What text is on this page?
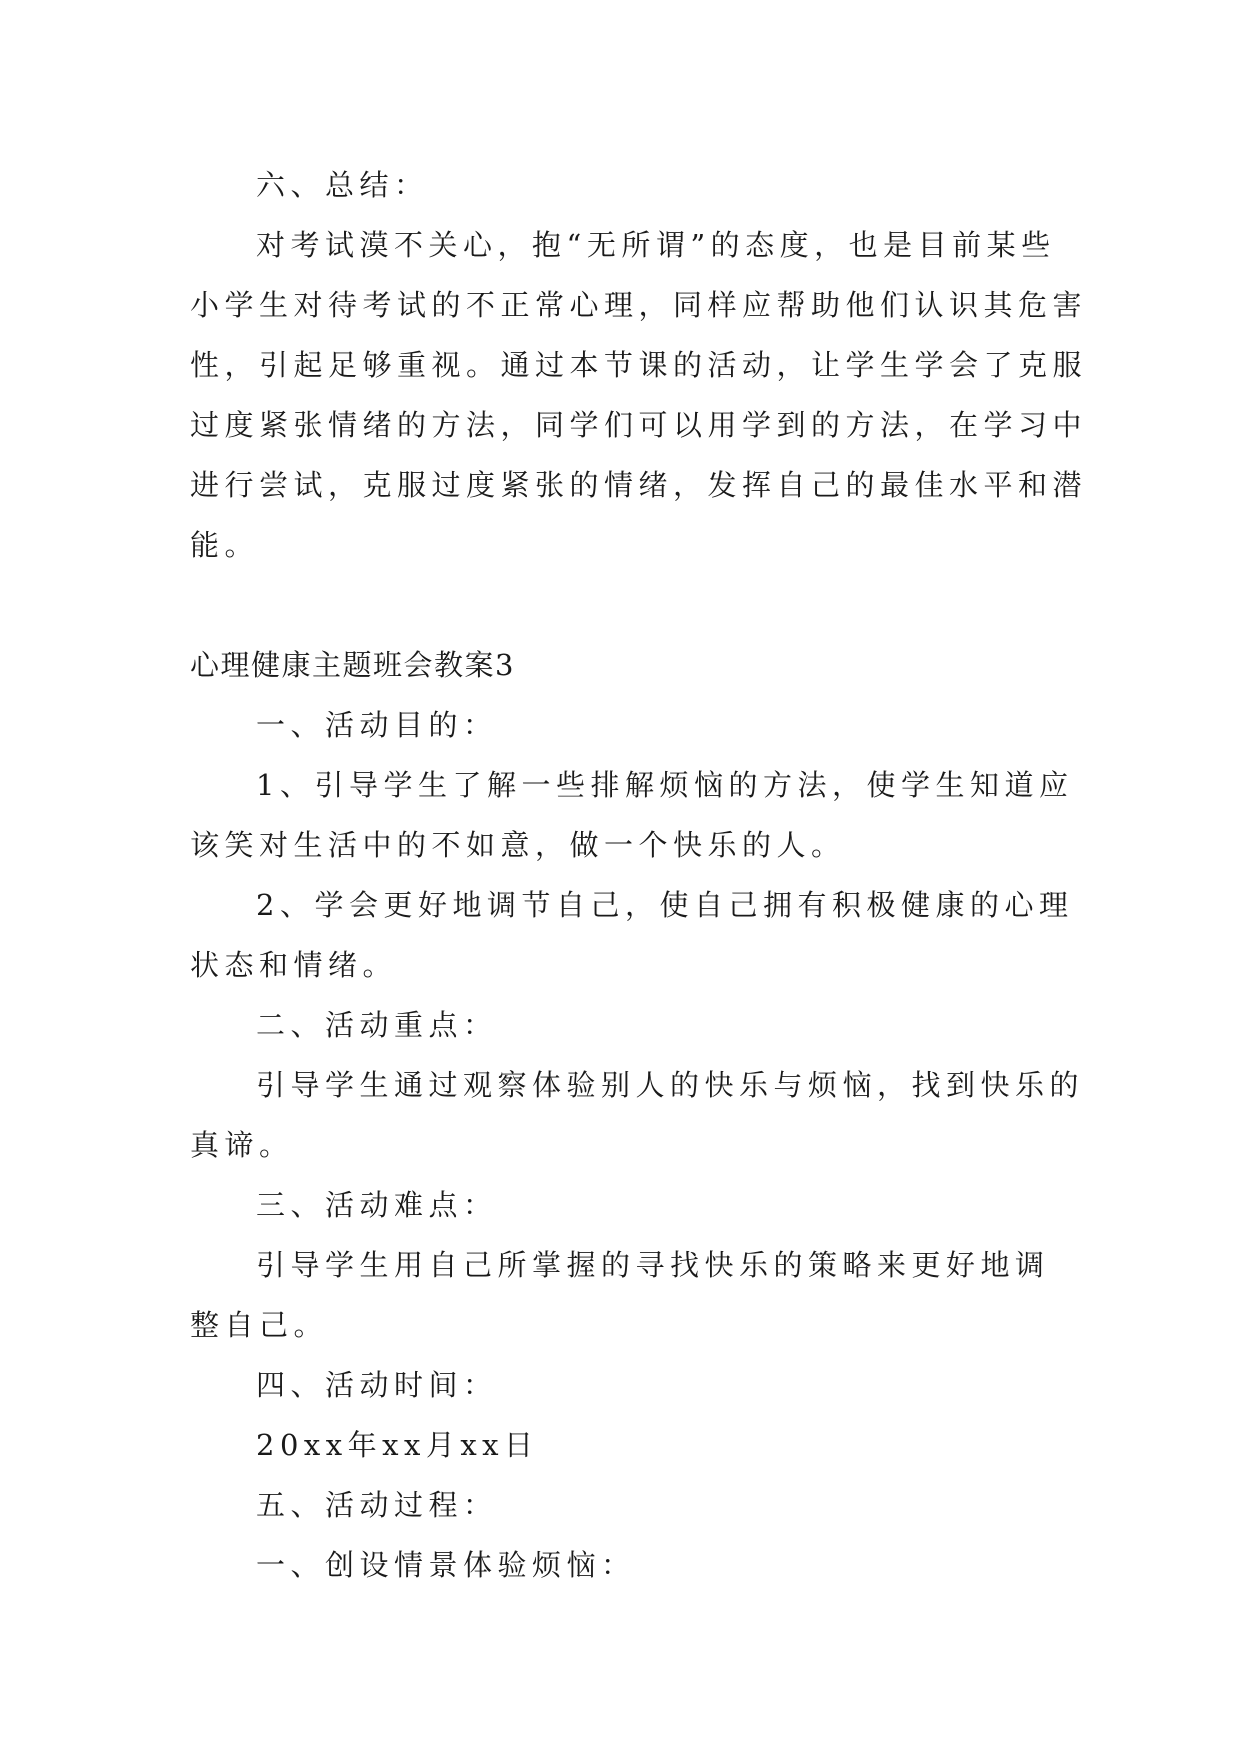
六、总结：

对考试漠不关心，抱“无所谓”的态度，也是目前某些

小学生对待考试的不正常心理，同样应帮助他们认识其危害

性，引起足够重视。通过本节课的活动，让学生学会了克服

过度紧张情绪的方法，同学们可以用学到的方法，在学习中

进行尝试，克服过度紧张的情绪，发挥自己的最佳水平和潜

能。

心理健康主题班会教案3

一、活动目的：

1、引导学生了解一些排解烦恼的方法，使学生知道应

该笑对生活中的不如意，做一个快乐的人。

2、学会更好地调节自己，使自己拥有积极健康的心理

状态和情绪。

二、活动重点：

引导学生通过观察体验别人的快乐与烦恼，找到快乐的

真谛。

三、活动难点：

引导学生用自己所掌握的寻找快乐的策略来更好地调

整自己。

四、活动时间：

20xx年xx月xx日

五、活动过程：

一、创设情景体验烦恼：
